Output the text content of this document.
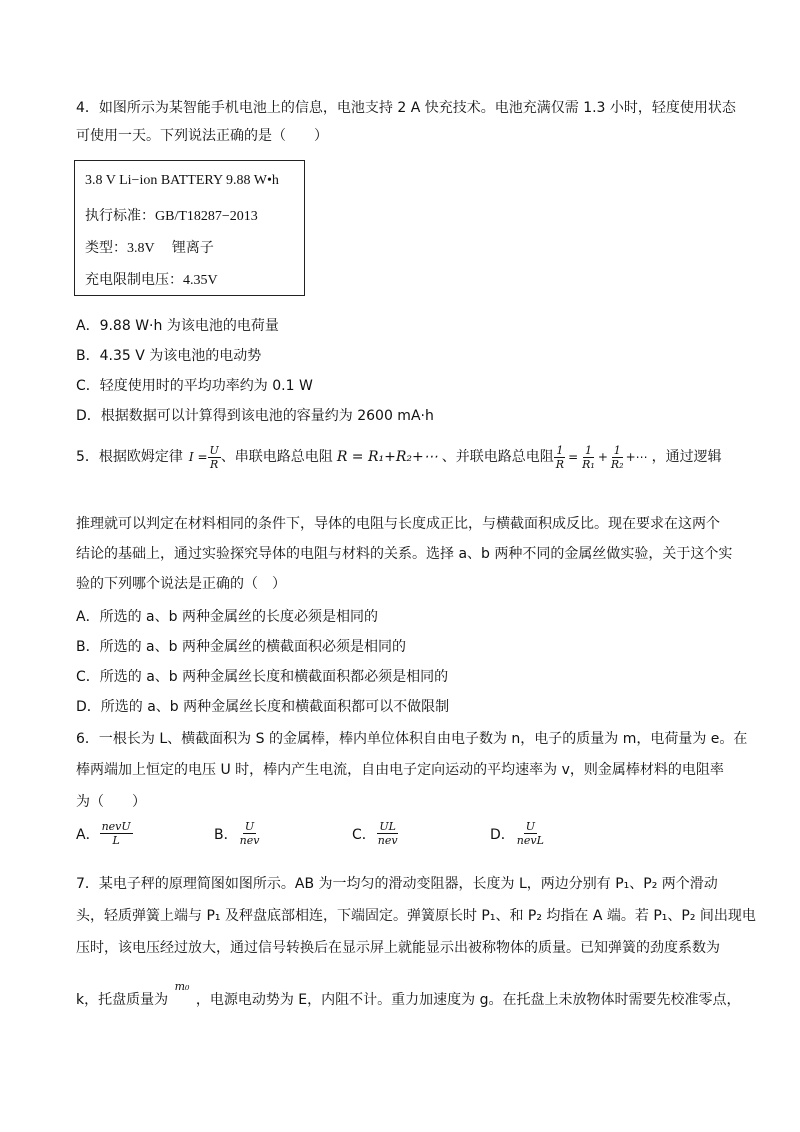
4．如图所示为某智能手机电池上的信息，电池支持 2 A 快充技术。电池充满仅需 1.3 小时，轻度使用状态
可使用一天。下列说法正确的是（　　）
3.8 V Li−ion BATTERY 9.88 W•h
执行标准：GB/T18287−2013
类型：3.8V　 锂离子
充电限制电压：4.35V
A．9.88 W·h 为该电池的电荷量
B．4.35 V 为该电池的电动势
C．轻度使用时的平均功率约为 0.1 W
D．根据数据可以计算得到该电池的容量约为 2600 mA·h
5．根据欧姆定律 $I = \frac{U}{R}$ 、串联电路总电阻 R = R₁+R₂+⋯ 、并联电路总电阻 $\frac{1}{R} = \frac{1}{\text{R₁}} + \frac{1}{\text{R₂}}$ +⋯ ，通过逻辑
推理就可以判定在材料相同的条件下，导体的电阻与长度成正比，与横截面积成反比。现在要求在这两个
结论的基础上，通过实验探究导体的电阻与材料的关系。选择 a、b 两种不同的金属丝做实验，关于这个实
验的下列哪个说法是正确的（　）
A．所选的 a、b 两种金属丝的长度必须是相同的
B．所选的 a、b 两种金属丝的横截面积必须是相同的
C．所选的 a、b 两种金属丝长度和横截面积都必须是相同的
D．所选的 a、b 两种金属丝长度和横截面积都可以不做限制
6．一根长为 L、横截面积为 S 的金属棒，棒内单位体积自由电子数为 n，电子的质量为 m，电荷量为 e。在
棒两端加上恒定的电压 U 时，棒内产生电流，自由电子定向运动的平均速率为 v，则金属棒材料的电阻率
为（　　）
A． $\frac{\text{nevU}}{L}$	B． $\frac{U}{\text{nev}}$	C． $\frac{UL}{\text{nev}}$	D． $\frac{U}{\text{nevL}}$
7．某电子秤的原理简图如图所示。AB 为一均匀的滑动变阻器，长度为 L，两边分别有 P₁、P₂ 两个滑动
头，轻质弹簧上端与 P₁ 及秤盘底部相连，下端固定。弹簧原长时 P₁、和 P₂ 均指在 A 端。若 P₁、P₂ 间出现电
压时，该电压经过放大，通过信号转换后在显示屏上就能显示出被称物体的质量。已知弹簧的劲度系数为
k，托盘质量为 $^{m_0}$ ，电源电动势为 E，内阻不计。重力加速度为 g。在托盘上未放物体时需要先校准零点，
